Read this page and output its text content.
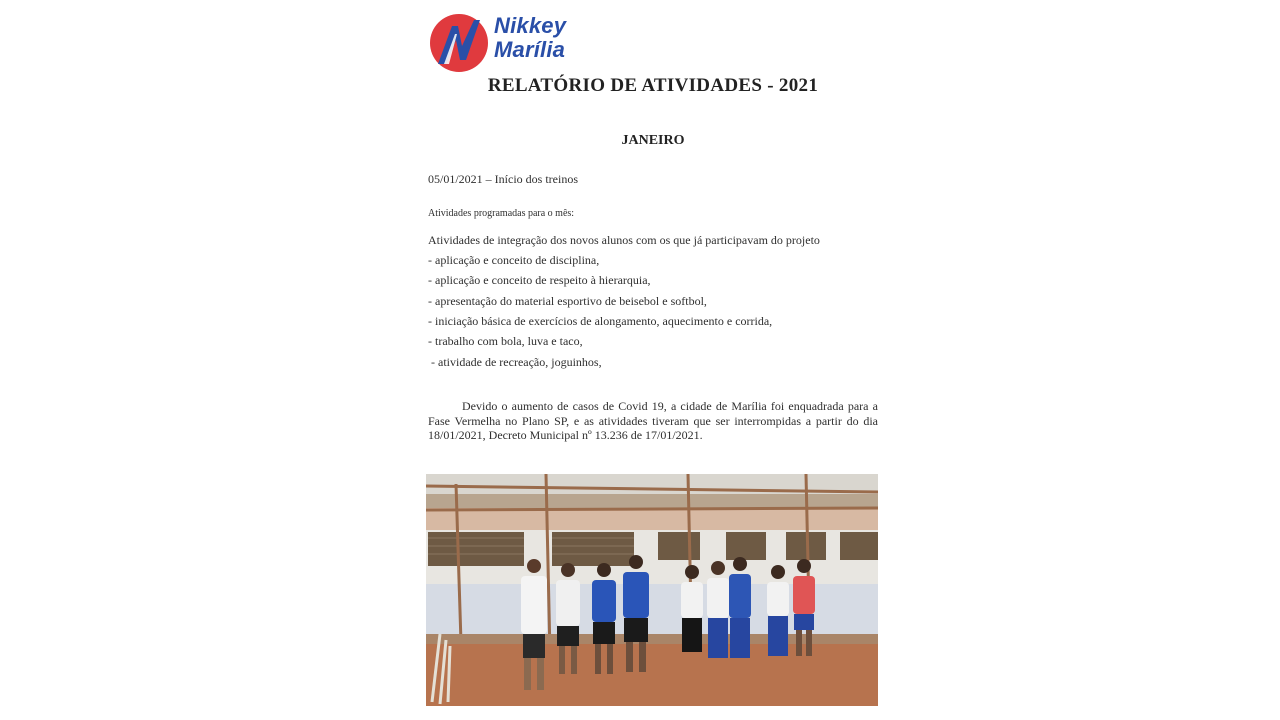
Nikkey
Marília
RELATÓRIO DE ATIVIDADES - 2021
JANEIRO
05/01/2021 – Início dos treinos
Atividades programadas para o mês:
Atividades de integração dos novos alunos com os que já participavam do projeto
- aplicação e conceito de disciplina,
- aplicação e conceito de respeito à hierarquia,
- apresentação do material esportivo de beisebol e softbol,
- iniciação básica de exercícios de alongamento, aquecimento e corrida,
- trabalho com bola, luva e taco,
- atividade de recreação, joguinhos,
Devido o aumento de casos de Covid 19, a cidade de Marília foi enquadrada para a Fase Vermelha no Plano SP, e as atividades tiveram que ser interrompidas a partir do dia 18/01/2021, Decreto Municipal nº 13.236 de 17/01/2021.
